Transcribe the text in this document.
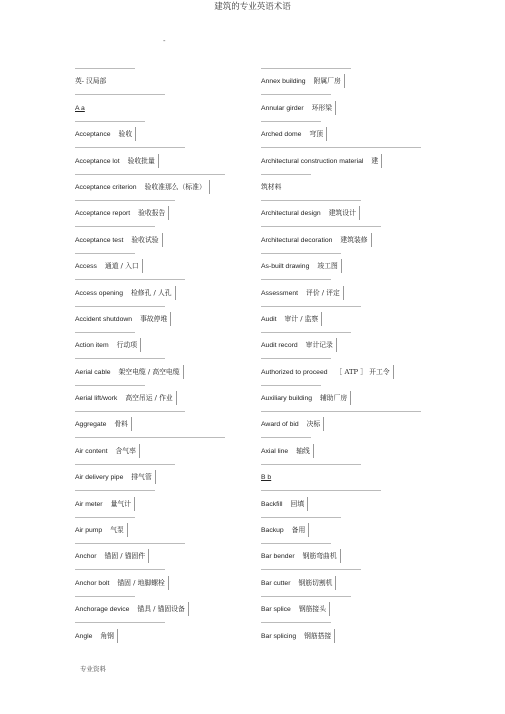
建筑的专业英语术语
-
英- 汉局部
A a
Acceptance 验收
Acceptance lot 验收批量
Acceptance criterion 验收准那么（标准）
Acceptance report 验收报告
Acceptance test 验收试验
Access 通道 / 入口
Access opening 检修孔 / 人孔
Accident shutdown 事故停堆
Action item 行动项
Aerial cable 架空电缆 / 高空电缆
Aerial lift/work 高空吊运 / 作业
Aggregate 骨料
Air content 含气率
Air delivery pipe 排气管
Air meter 量气计
Air pump 气泵
Anchor 锚固 / 锚固件
Anchor bolt 锚固 / 地脚螺栓
Anchorage device 锚具 / 锚固设备
Angle 角钢
Annex building 附属厂房
Annular girder 环形梁
Arched dome 穹顶
Architectural construction material 建
筑材料
Architectural design 建筑设计
Architectural decoration 建筑装修
As-built drawing 竣工图
Assessment 评价 / 评定
Audit 审计 / 监察
Audit record 审计记录
Authorized to proceed ［ ATP ］ 开工令
Auxiliary building 辅助厂房
Award of bid 决标
Axial line 轴线
B b
Backfill 回填
Backup 备用
Bar bender 钢筋弯曲机
Bar cutter 钢筋切割机
Bar splice 钢筋接头
Bar splicing 钢筋搭接
专业资料
